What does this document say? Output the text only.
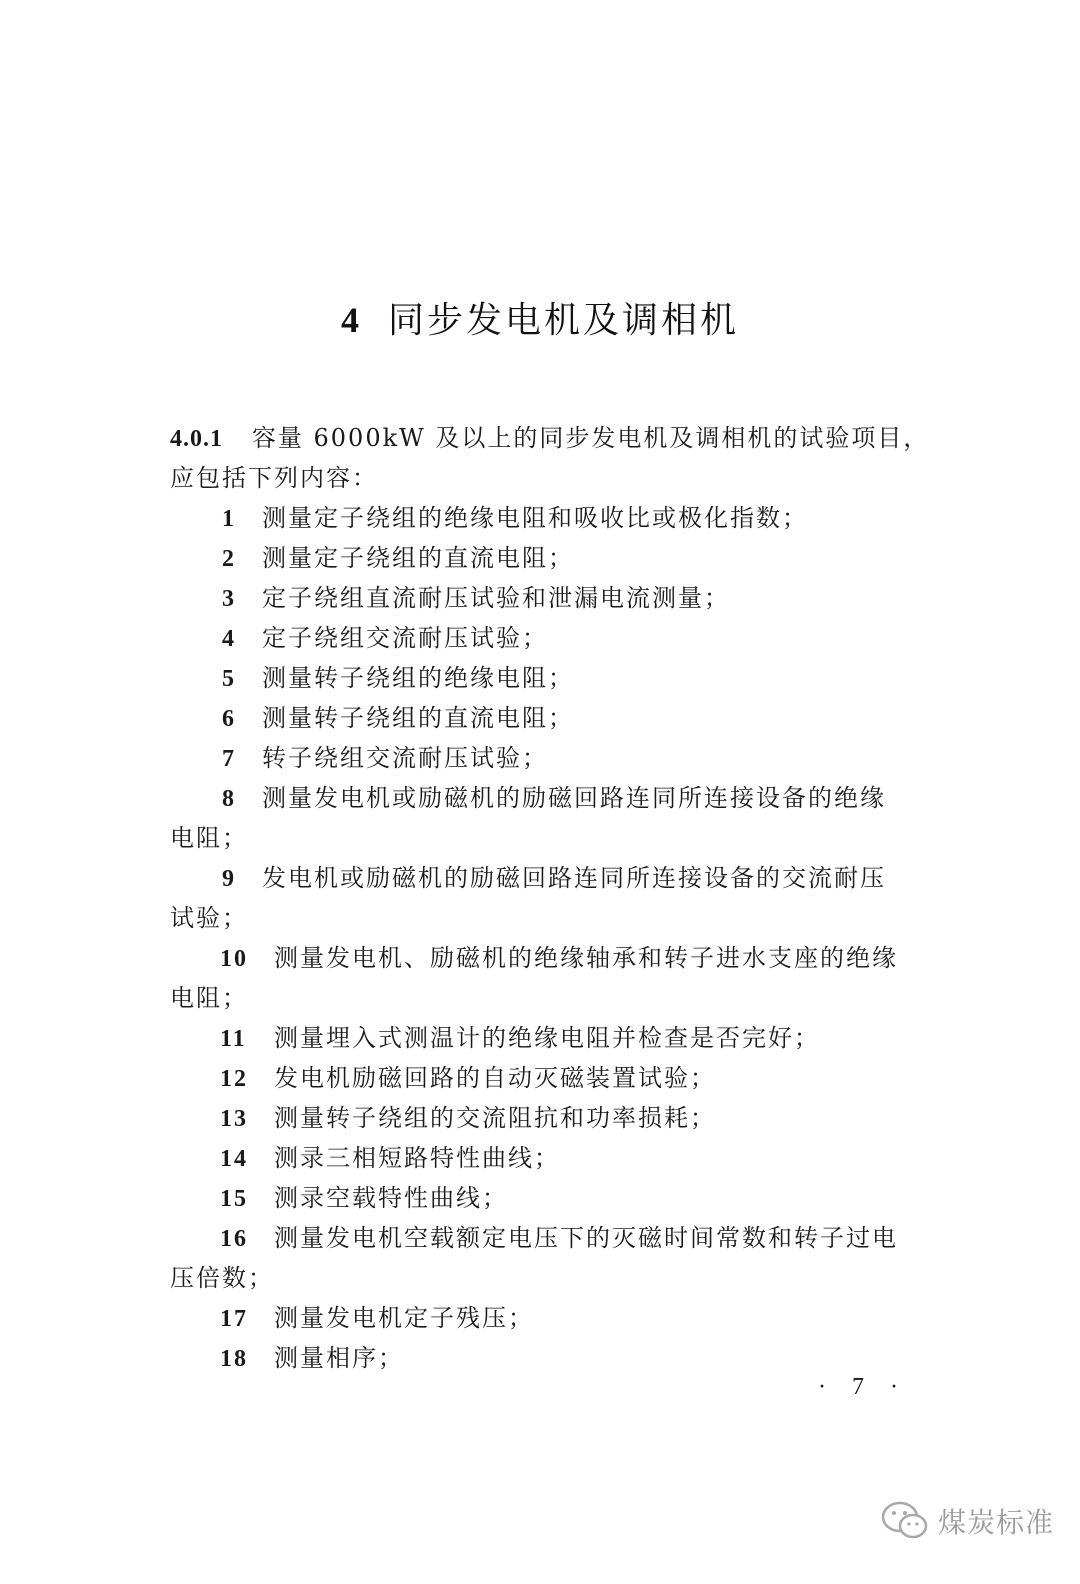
4 同步发电机及调相机
4.0.1 容量 6000kW 及以上的同步发电机及调相机的试验项目，
应包括下列内容：
1 测量定子绕组的绝缘电阻和吸收比或极化指数；
2 测量定子绕组的直流电阻；
3 定子绕组直流耐压试验和泄漏电流测量；
4 定子绕组交流耐压试验；
5 测量转子绕组的绝缘电阻；
6 测量转子绕组的直流电阻；
7 转子绕组交流耐压试验；
8 测量发电机或励磁机的励磁回路连同所连接设备的绝缘
电阻；
9 发电机或励磁机的励磁回路连同所连接设备的交流耐压
试验；
10 测量发电机、励磁机的绝缘轴承和转子进水支座的绝缘
电阻；
11 测量埋入式测温计的绝缘电阻并检查是否完好；
12 发电机励磁回路的自动灭磁装置试验；
13 测量转子绕组的交流阻抗和功率损耗；
14 测录三相短路特性曲线；
15 测录空载特性曲线；
16 测量发电机空载额定电压下的灭磁时间常数和转子过电
压倍数；
17 测量发电机定子残压；
18 测量相序；
· 7 ·
煤炭标准
